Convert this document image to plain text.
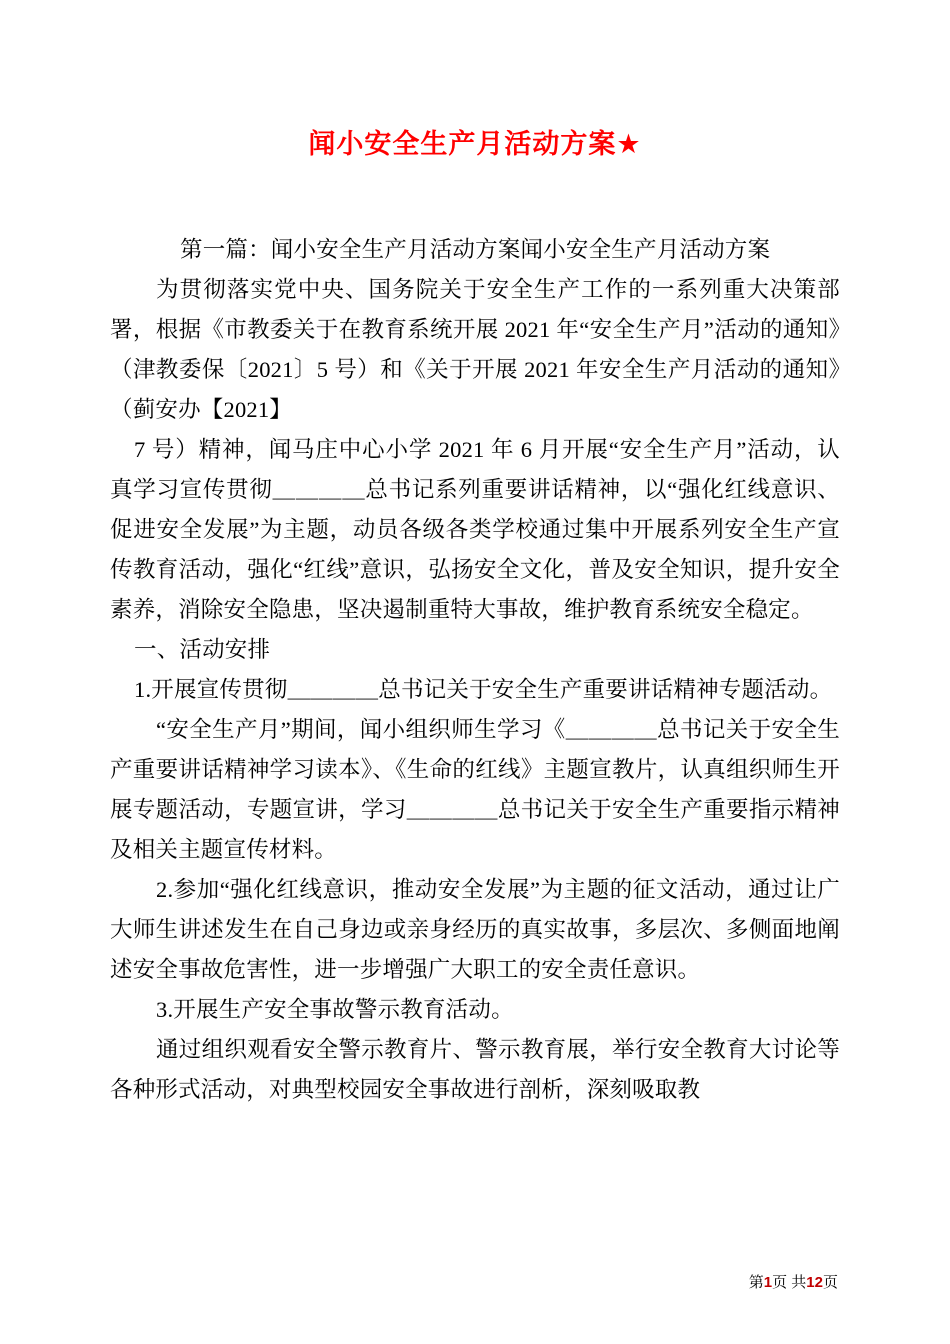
闻小安全生产月活动方案★

第一篇：闻小安全生产月活动方案闻小安全生产月活动方案

为贯彻落实党中央、国务院关于安全生产工作的一系列重大决策部署，根据《市教委关于在教育系统开展 2021 年“安全生产月”活动的通知》（津教委保〔2021〕5 号）和《关于开展 2021 年安全生产月活动的通知》（蓟安办【2021】

7 号）精神，闻马庄中心小学 2021 年 6 月开展“安全生产月”活动，认真学习宣传贯彻＿＿＿＿总书记系列重要讲话精神，以“强化红线意识、促进安全发展”为主题，动员各级各类学校通过集中开展系列安全生产宣传教育活动，强化“红线”意识，弘扬安全文化，普及安全知识，提升安全素养，消除安全隐患，坚决遏制重特大事故，维护教育系统安全稳定。

一、活动安排

1.开展宣传贯彻＿＿＿＿总书记关于安全生产重要讲话精神专题活动。

“安全生产月”期间，闻小组织师生学习《＿＿＿＿总书记关于安全生产重要讲话精神学习读本》、《生命的红线》主题宣教片，认真组织师生开展专题活动，专题宣讲，学习＿＿＿＿总书记关于安全生产重要指示精神及相关主题宣传材料。

2.参加“强化红线意识，推动安全发展”为主题的征文活动，通过让广大师生讲述发生在自己身边或亲身经历的真实故事，多层次、多侧面地阐述安全事故危害性，进一步增强广大职工的安全责任意识。

3.开展生产安全事故警示教育活动。

通过组织观看安全警示教育片、警示教育展，举行安全教育大讨论等各种形式活动，对典型校园安全事故进行剖析，深刻吸取教

第1页 共12页
